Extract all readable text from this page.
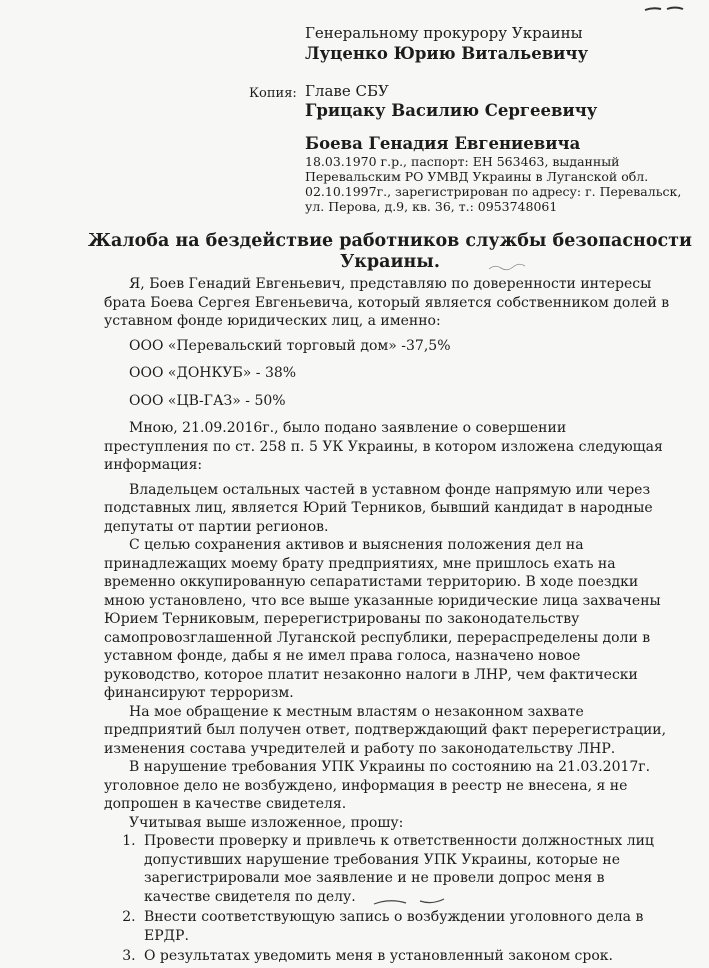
Генеральному прокурору Украины
Луценко Юрию Витальевичу
Копия: Главе СБУ
Грицаку Василию Сергеевичу
Боева Генадия Евгениевича
18.03.1970 г.р., паспорт: ЕН 563463, выданный
Перевальским РО УМВД Украины в Луганской обл.
02.10.1997г., зарегистрирован по адресу: г. Перевальск,
ул. Перова, д.9, кв. 36, т.: 0953748061
Жалоба на бездействие работников службы безопасности
Украины.

Я, Боев Генадий Евгеньевич, представляю по доверенности интересы брата Боева Сергея Евгеньевича, который является собственником долей в уставном фонде юридических лиц, а именно:

ООО «Перевальский торговый дом» -37,5%
ООО «ДОНКУБ» - 38%
ООО «ЦВ-ГАЗ» - 50%

Мною, 21.09.2016г., было подано заявление о совершении преступления по ст. 258 п. 5 УК Украины, в котором изложена следующая информация:

Владельцем остальных частей в уставном фонде напрямую или через подставных лиц, является Юрий Терников, бывший кандидат в народные депутаты от партии регионов.

С целью сохранения активов и выяснения положения дел на принадлежащих моему брату предприятиях, мне пришлось ехать на временно оккупированную сепаратистами территорию. В ходе поездки мною установлено, что все выше указанные юридические лица захвачены Юрием Терниковым, перерегистрированы по законодательству самопровозглашенной Луганской республики, перераспределены доли в уставном фонде, дабы я не имел права голоса, назначено новое руководство, которое платит незаконно налоги в ЛНР, чем фактически финансируют терроризм.

На мое обращение к местным властям о незаконном захвате предприятий был получен ответ, подтверждающий факт перерегистрации, изменения состава учредителей и работу по законодательству ЛНР.

В нарушение требования УПК Украины по состоянию на 21.03.2017г. уголовное дело не возбуждено, информация в реестр не внесена, я не допрошен в качестве свидетеля.

Учитывая выше изложенное, прошу:

1. Провести проверку и привлечь к ответственности должностных лиц допустивших нарушение требования УПК Украины, которые не зарегистрировали мое заявление и не провели допрос меня в качестве свидетеля по делу.
2. Внести соответствующую запись о возбуждении уголовного дела в ЕРДР.
3. О результатах уведомить меня в установленный законом срок.
